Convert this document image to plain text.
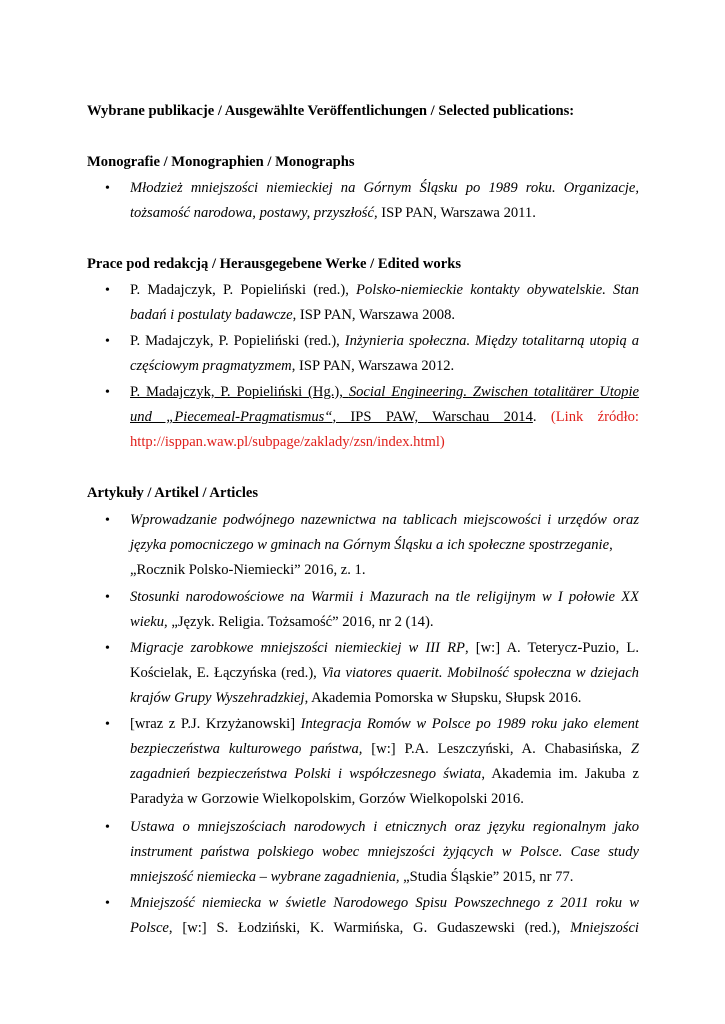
Wybrane publikacje / Ausgewählte Veröffentlichungen / Selected publications:
Monografie / Monographien / Monographs
• Młodzież mniejszości niemieckiej na Górnym Śląsku po 1989 roku. Organizacje,
tożsamość narodowa, postawy, przyszłość, ISP PAN, Warszawa 2011.
Prace pod redakcją / Herausgegebene Werke / Edited works
• P. Madajczyk, P. Popieliński (red.), Polsko-niemieckie kontakty obywatelskie. Stan
badań i postulaty badawcze, ISP PAN, Warszawa 2008.
• P. Madajczyk, P. Popieliński (red.), Inżynieria społeczna. Między totalitarną utopią a
częściowym pragmatyzmem, ISP PAN, Warszawa 2012.
• P. Madajczyk, P. Popieliński (Hg.), Social Engineering. Zwischen totalitärer Utopie
und „Piecemeal-Pragmatismus“, IPS PAW, Warschau 2014. (Link źródło:
http://isppan.waw.pl/subpage/zaklady/zsn/index.html)
Artykuły / Artikel / Articles
• Wprowadzanie podwójnego nazewnictwa na tablicach miejscowości i urzędów oraz
języka pomocniczego w gminach na Górnym Śląsku a ich społeczne spostrzeganie,
„Rocznik Polsko-Niemiecki” 2016, z. 1.
• Stosunki narodowościowe na Warmii i Mazurach na tle religijnym w I połowie XX
wieku, „Język. Religia. Tożsamość” 2016, nr 2 (14).
• Migracje zarobkowe mniejszości niemieckiej w III RP, [w:] A. Teterycz-Puzio, L.
Kościelak, E. Łączyńska (red.), Via viatores quaerit. Mobilność społeczna w dziejach
krajów Grupy Wyszehradzkiej, Akademia Pomorska w Słupsku, Słupsk 2016.
• [wraz z P.J. Krzyżanowski] Integracja Romów w Polsce po 1989 roku jako element
bezpieczeństwa kulturowego państwa, [w:] P.A. Leszczyński, A. Chabasińska, Z
zagadnień bezpieczeństwa Polski i współczesnego świata, Akademia im. Jakuba z
Paradyża w Gorzowie Wielkopolskim, Gorzów Wielkopolski 2016.
• Ustawa o mniejszościach narodowych i etnicznych oraz języku regionalnym jako
instrument państwa polskiego wobec mniejszości żyjących w Polsce. Case study
mniejszość niemiecka – wybrane zagadnienia, „Studia Śląskie” 2015, nr 77.
• Mniejszość niemiecka w świetle Narodowego Spisu Powszechnego z 2011 roku w
Polsce, [w:] S. Łodziński, K. Warmińska, G. Gudaszewski (red.), Mniejszości
